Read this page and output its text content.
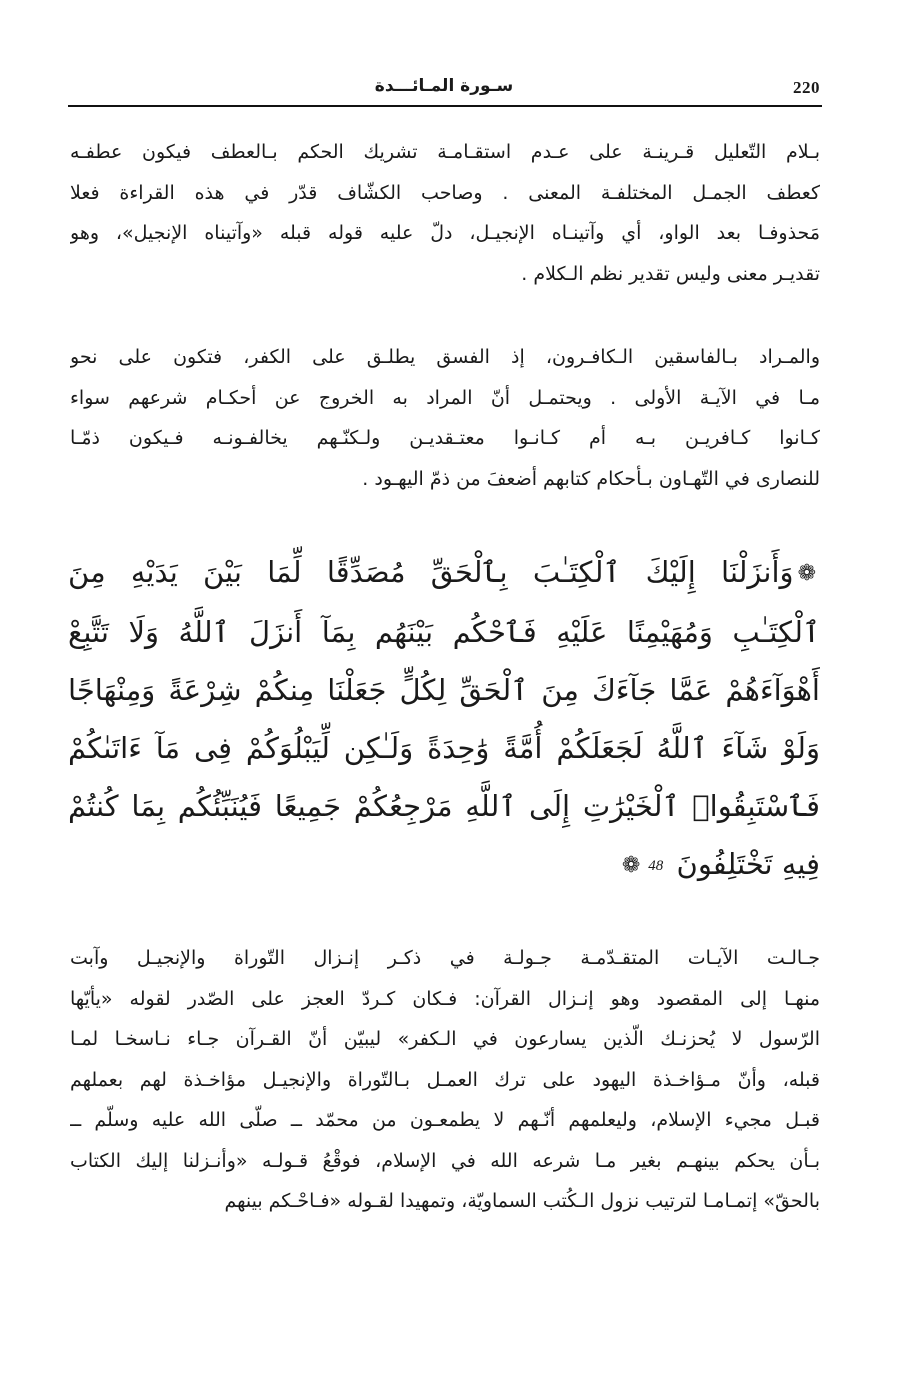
220
سـورة المـائـــدة
بـلام التّعليل قـرينـة على عـدم استقـامـة تشريك الحكم بـالعطف فيكون عطفـه
كعطف الجمـل المختلفـة المعنى . وصاحب الكشّاف قدّر في هذه القراءة فعلا
مَحذوفـا بعد الواو، أي وآتينـاه الإنجيـل، دلّ عليه قوله قبله «وآتيناه الإنجيل»، وهو
تقديـر معنى وليس تقدير نظم الـكلام .
والمـراد بـالفاسقين الـكافـرون، إذ الفسق يطلـق على الكفر، فتكون على نحو
مـا في الآيـة الأولى . ويحتمـل أنّ المراد به الخروج عن أحكـام شرعهم سواء
كـانوا كـافريـن بـه أم كـانـوا معتـقديـن ولـكنّـهم يخالفـونـه فـيكون ذمّـا
للنصارى في التّهـاون بـأحكام كتابهم أضعفَ من ذمّ اليهـود .
❁وَأَنزَلْنَا إِلَيْكَ ٱلْكِتَـٰبَ بِٱلْحَقِّ مُصَدِّقًا لِّمَا بَيْنَ يَدَيْهِ مِنَ
ٱلْكِتَـٰبِ وَمُهَيْمِنًا عَلَيْهِ فَٱحْكُم بَيْنَهُم بِمَآ أَنزَلَ ٱللَّهُ وَلَا تَتَّبِعْ
أَهْوَآءَهُمْ عَمَّا جَآءَكَ مِنَ ٱلْحَقِّ لِكُلٍّ جَعَلْنَا مِنكُمْ شِرْعَةً وَمِنْهَاجًا
وَلَوْ شَآءَ ٱللَّهُ لَجَعَلَكُمْ أُمَّةً وَٰحِدَةً وَلَـٰكِن لِّيَبْلُوَكُمْ فِى مَآ ءَاتَىٰكُمْ
فَٱسْتَبِقُوا۟ ٱلْخَيْرَٰتِ إِلَى ٱللَّهِ مَرْجِعُكُمْ جَمِيعًا فَيُنَبِّئُكُم بِمَا كُنتُمْ
فِيهِ تَخْتَلِفُونَ 48❁
جـالـت الآيـات المتقـدّمـة جـولـة في ذكـر إنـزال التّوراة والإنجيـل وآبت
منهـا إلى المقصود وهو إنـزال القرآن: فـكان كـردّ العجز على الصّدر لقوله «يأيّها
الرّسول لا يُحزنـك الّذين يسارعون في الـكفر» ليبيّن أنّ القـرآن جـاء نـاسخـا لمـا
قبله، وأنّ مـؤاخـذة اليهود على ترك العمـل بـالتّوراة والإنجيـل مؤاخـذة لهم بعملهم
قبـل مجيء الإسلام، وليعلمهم أنّـهم لا يطمعـون من محمّد ــ صلّى الله عليه وسلّم ــ
بـأن يحكم بينهـم بغير مـا شرعه الله في الإسلام، فوقْعُ قـولـه «وأنـزلنا إليك الكتاب
بالحقّ» إتمـامـا لترتيب نزول الـكُتب السماويّة، وتمهيدا لقـوله «فـاحْـكم بينهم
